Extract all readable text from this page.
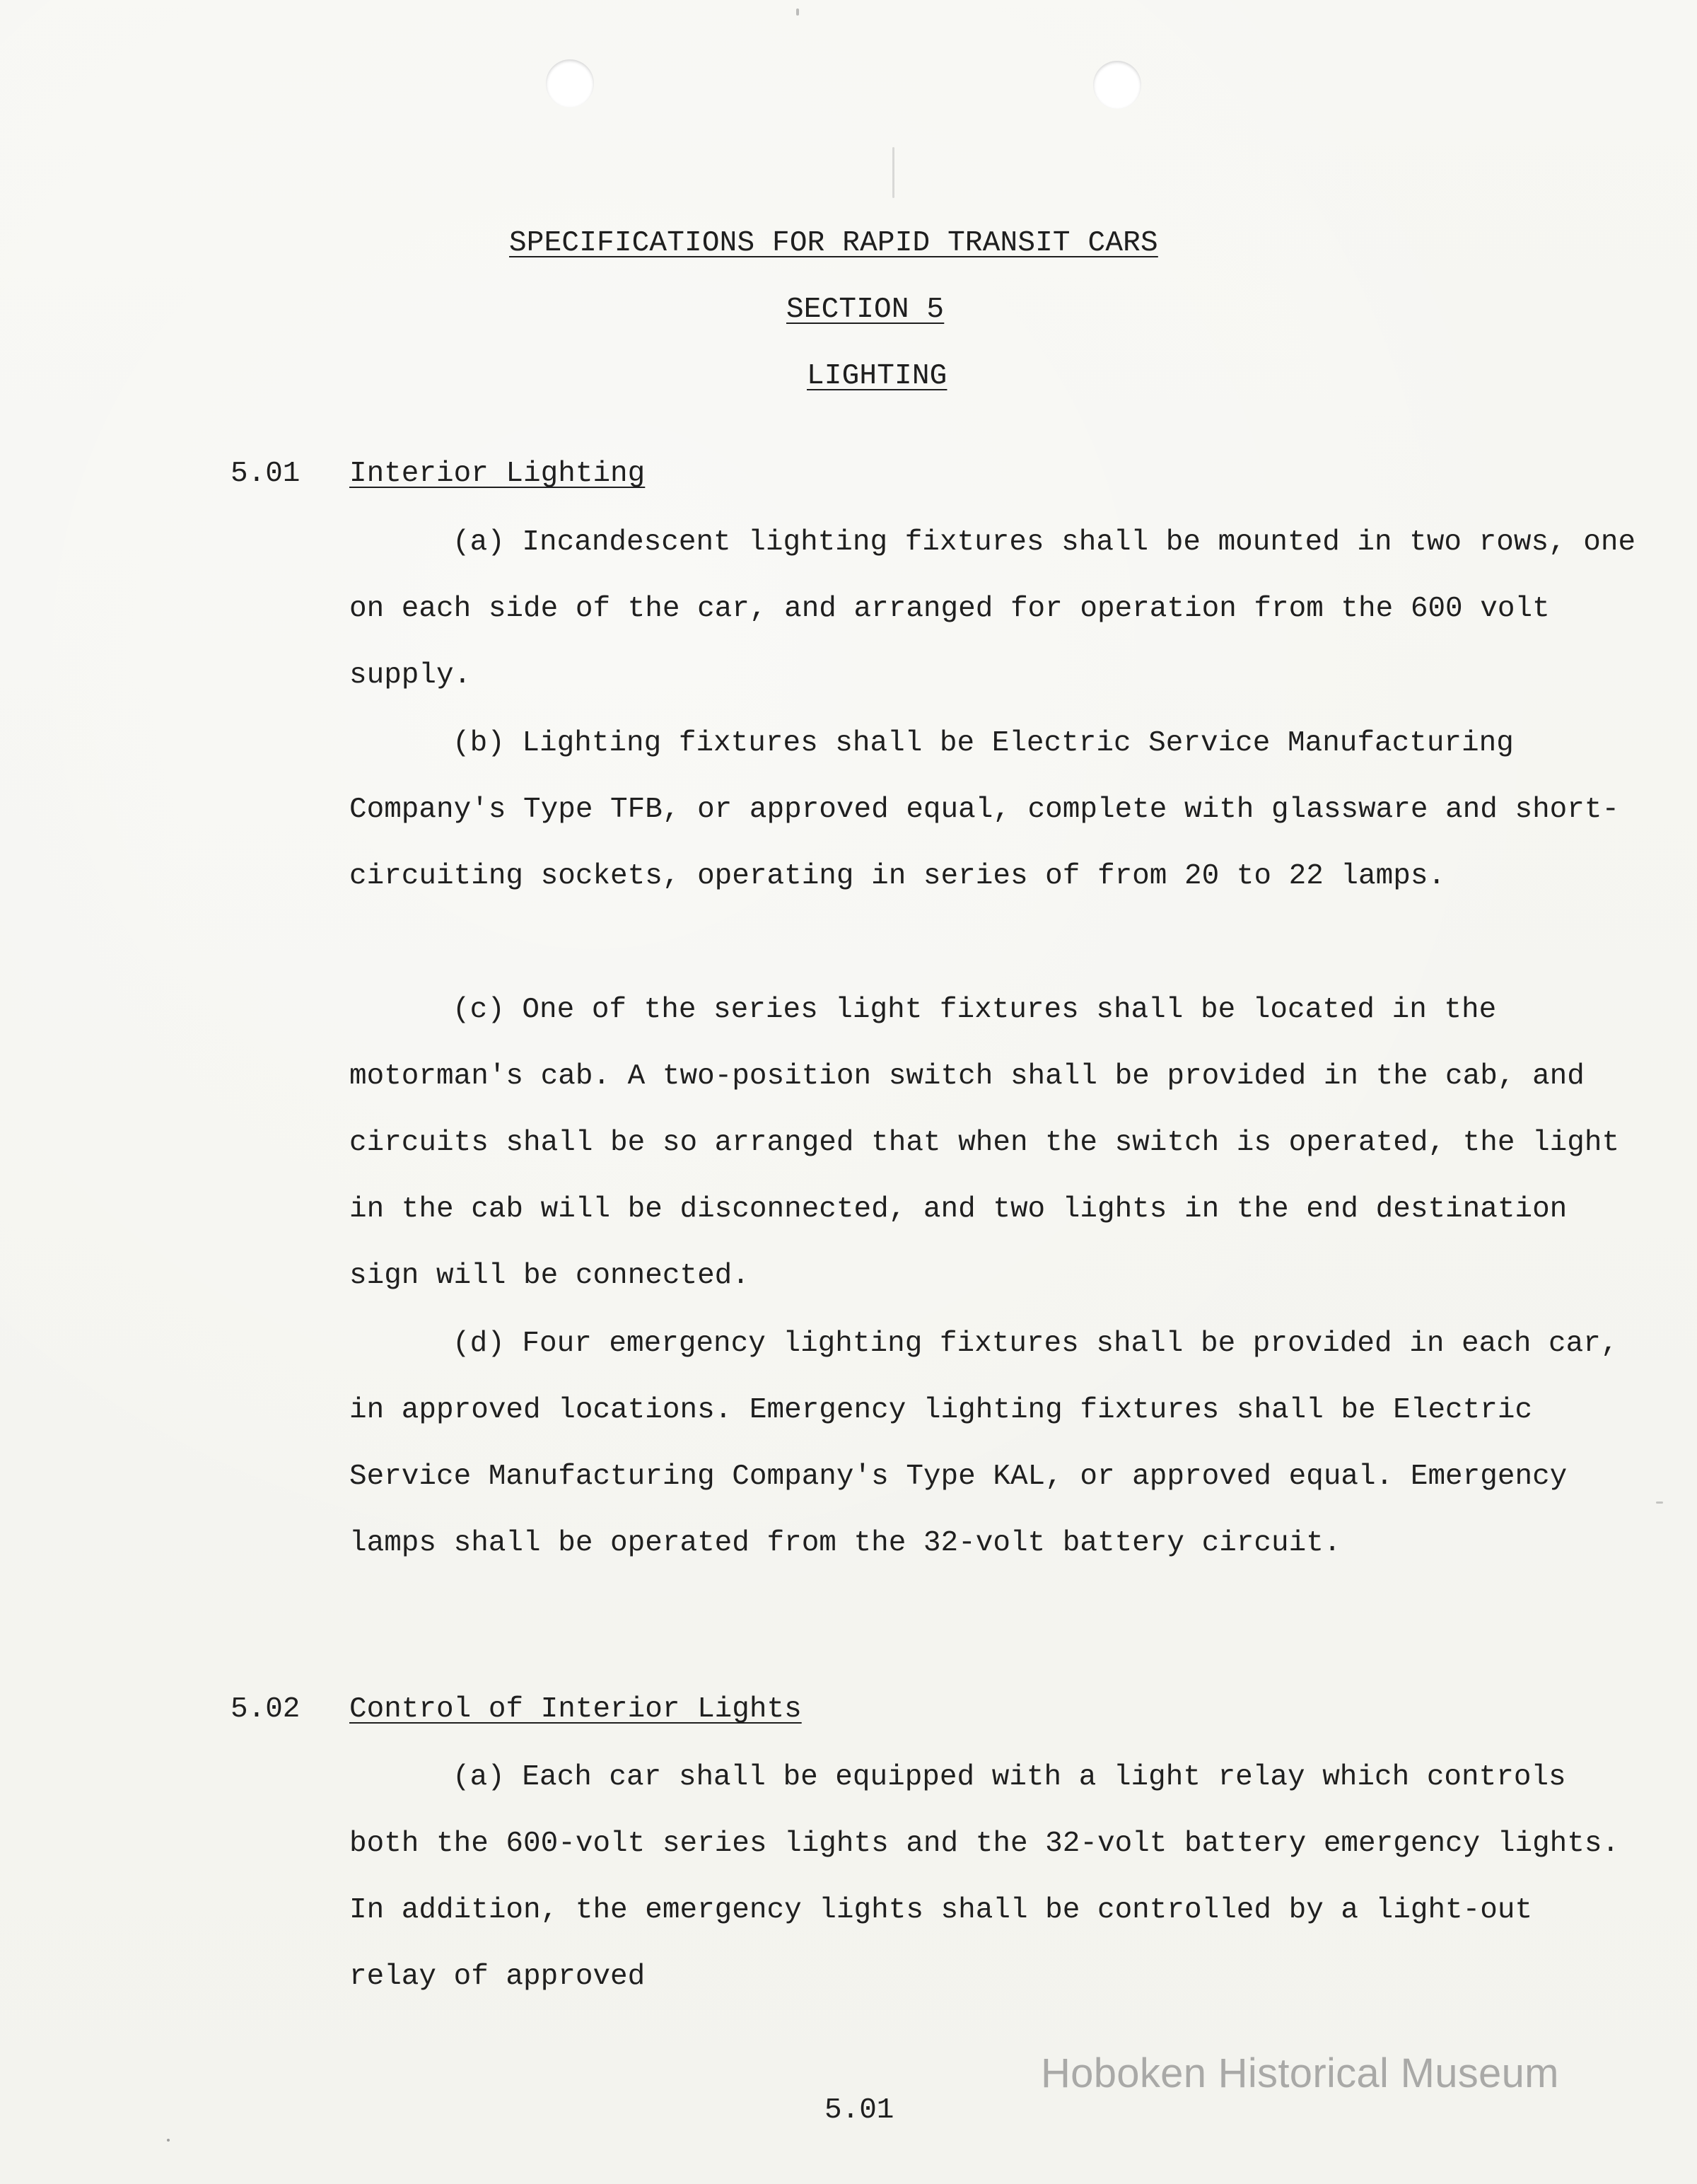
SPECIFICATIONS FOR RAPID TRANSIT CARS

SECTION 5

LIGHTING

5.01 Interior Lighting

(a) Incandescent lighting fixtures shall be mounted in two rows, one on each side of the car, and arranged for operation from the 600 volt supply.

(b) Lighting fixtures shall be Electric Service Manufacturing Company's Type TFB, or approved equal, complete with glassware and short-circuiting sockets, operating in series of from 20 to 22 lamps.

(c) One of the series light fixtures shall be located in the motorman's cab. A two-position switch shall be provided in the cab, and circuits shall be so arranged that when the switch is operated, the light in the cab will be disconnected, and two lights in the end destination sign will be connected.

(d) Four emergency lighting fixtures shall be provided in each car, in approved locations. Emergency lighting fixtures shall be Electric Service Manufacturing Company's Type KAL, or approved equal. Emergency lamps shall be operated from the 32-volt battery circuit.

5.02 Control of Interior Lights

(a) Each car shall be equipped with a light relay which controls both the 600-volt series lights and the 32-volt battery emergency lights. In addition, the emergency lights shall be controlled by a light-out relay of approved

5.01

Hoboken Historical Museum
